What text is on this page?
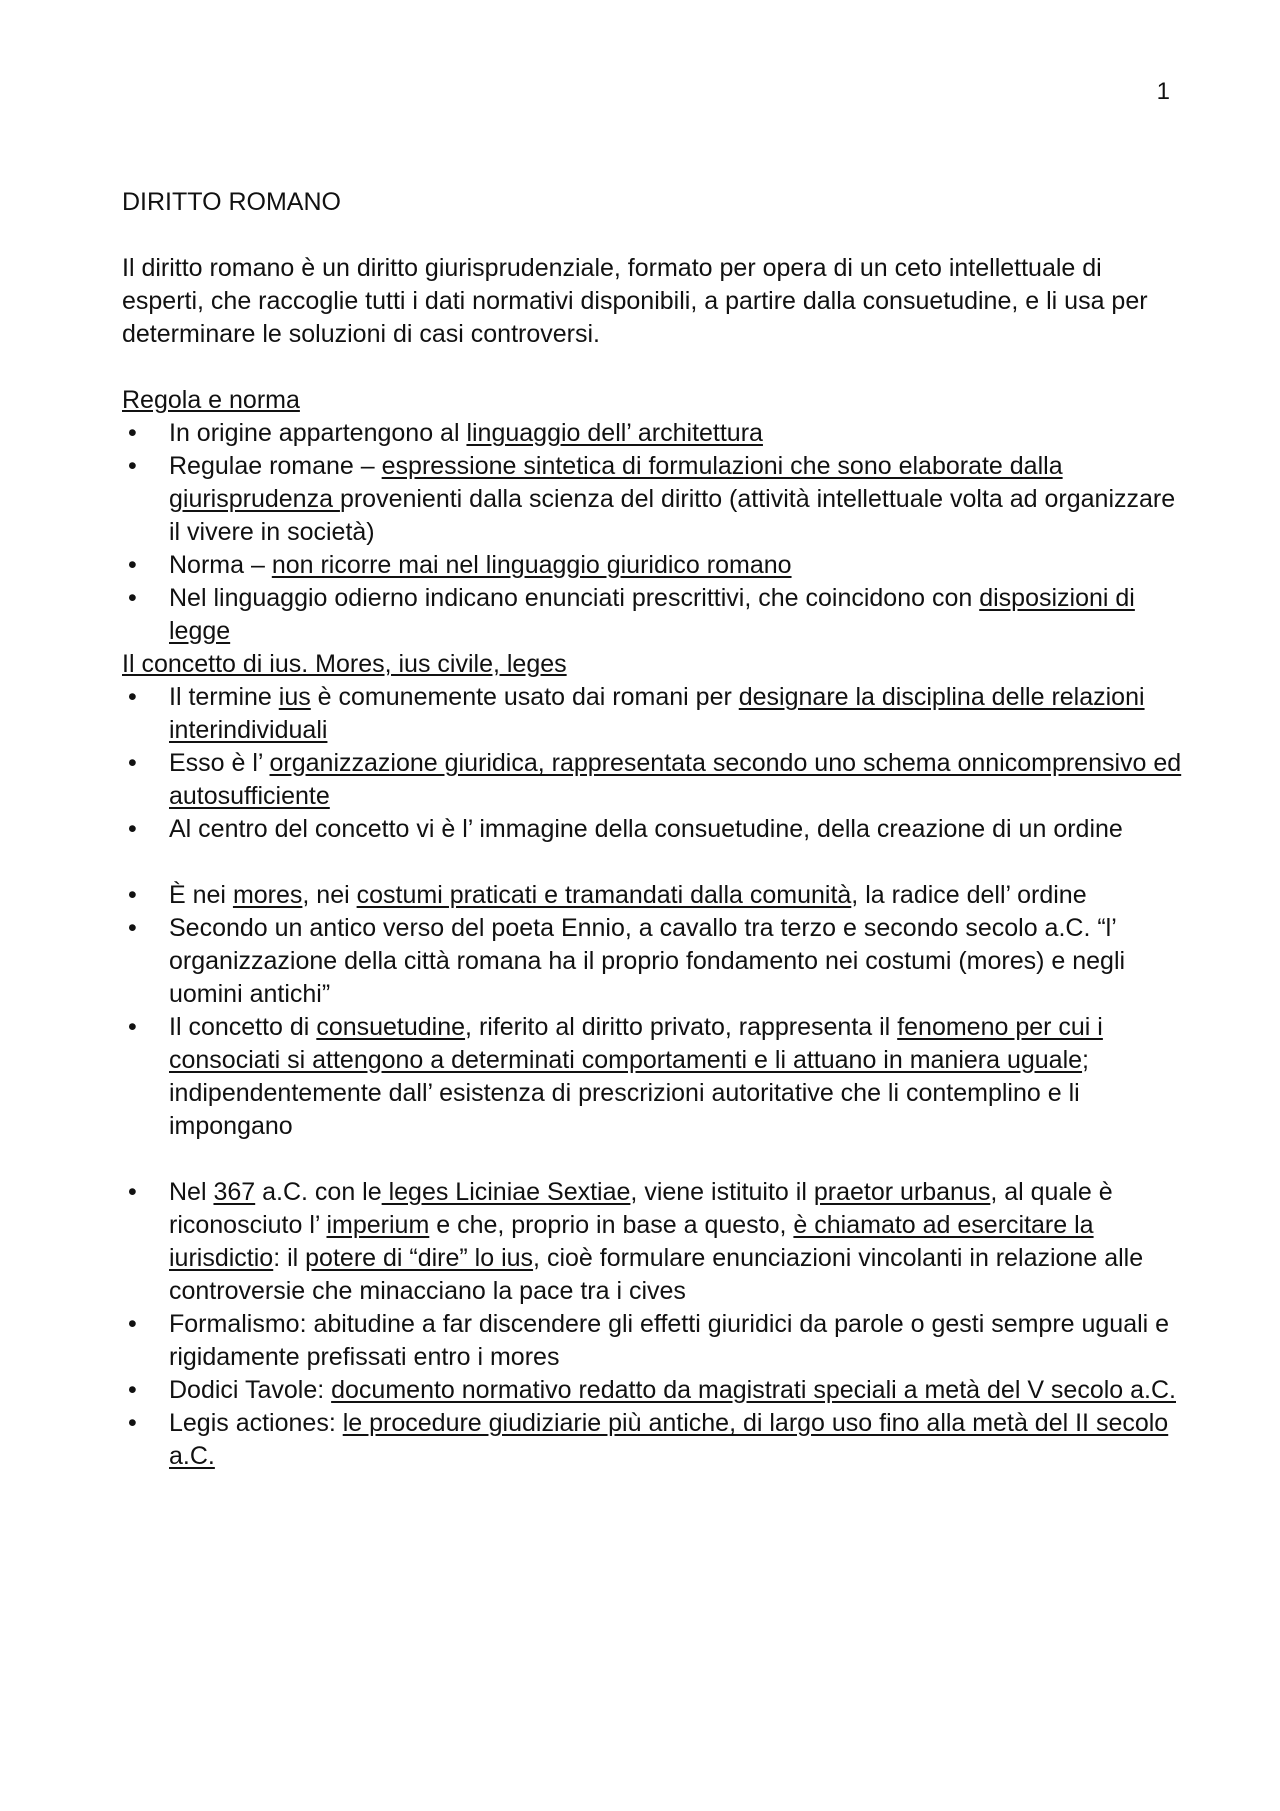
1
DIRITTO ROMANO

Il diritto romano è un diritto giurisprudenziale, formato per opera di un ceto intellettuale di esperti, che raccoglie tutti i dati normativi disponibili, a partire dalla consuetudine, e li usa per determinare le soluzioni di casi controversi.

Regola e norma
• In origine appartengono al linguaggio dell’ architettura
• Regulae romane – espressione sintetica di formulazioni che sono elaborate dalla giurisprudenza provenienti dalla scienza del diritto (attività intellettuale volta ad organizzare il vivere in società)
• Norma – non ricorre mai nel linguaggio giuridico romano
• Nel linguaggio odierno indicano enunciati prescrittivi, che coincidono con disposizioni di legge
Il concetto di ius. Mores, ius civile, leges
• Il termine ius è comunemente usato dai romani per designare la disciplina delle relazioni interindividuali
• Esso è l’ organizzazione giuridica, rappresentata secondo uno schema onnicomprensivo ed autosufficiente
• Al centro del concetto vi è l’ immagine della consuetudine, della creazione di un ordine
• È nei mores, nei costumi praticati e tramandati dalla comunità, la radice dell’ ordine
• Secondo un antico verso del poeta Ennio, a cavallo tra terzo e secondo secolo a.C. “l’ organizzazione della città romana ha il proprio fondamento nei costumi (mores) e negli uomini antichi”
• Il concetto di consuetudine, riferito al diritto privato, rappresenta il fenomeno per cui i consociati si attengono a determinati comportamenti e li attuano in maniera uguale; indipendentemente dall’ esistenza di prescrizioni autoritative che li contemplino e li impongano
• Nel 367 a.C. con le leges Liciniae Sextiae, viene istituito il praetor urbanus, al quale è riconosciuto l’ imperium e che, proprio in base a questo, è chiamato ad esercitare la iurisdictio: il potere di “dire” lo ius, cioè formulare enunciazioni vincolanti in relazione alle controversie che minacciano la pace tra i cives
• Formalismo: abitudine a far discendere gli effetti giuridici da parole o gesti sempre uguali e rigidamente prefissati entro i mores
• Dodici Tavole: documento normativo redatto da magistrati speciali a metà del V secolo a.C.
• Legis actiones: le procedure giudiziarie più antiche, di largo uso fino alla metà del II secolo a.C.
